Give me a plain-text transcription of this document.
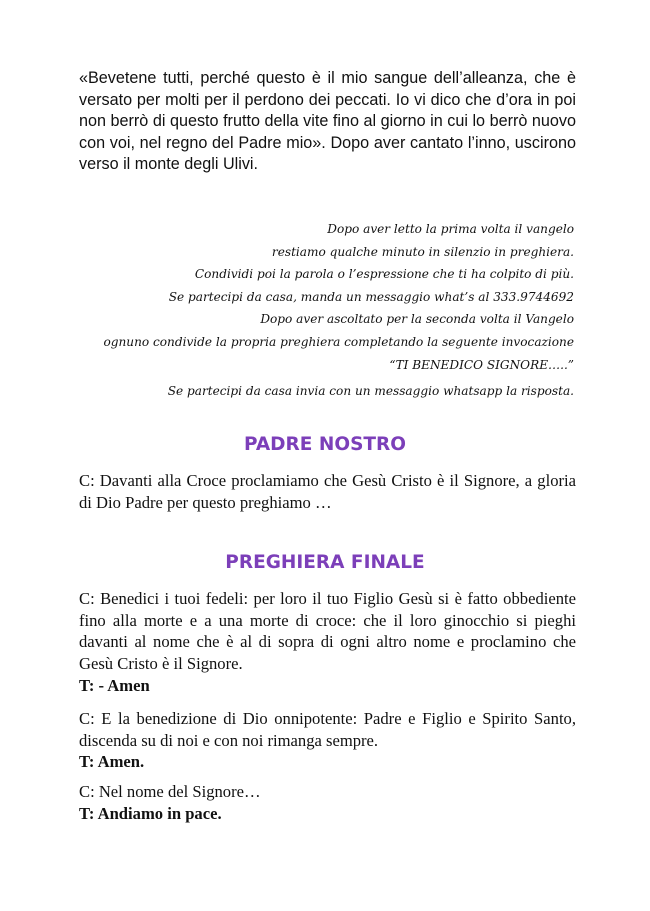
«Bevetene tutti, perché questo è il mio sangue dell’alleanza, che è versato per molti per il perdono dei peccati. Io vi dico che d’ora in poi non berrò di questo frutto della vite fino al giorno in cui lo berrò nuovo con voi, nel regno del Padre mio». Dopo aver cantato l’inno, uscirono verso il monte degli Ulivi.

Dopo aver letto la prima volta il vangelo
restiamo qualche minuto in silenzio in preghiera.
Condividi poi la parola o l’espressione che ti ha colpito di più.
Se partecipi da casa, manda un messaggio what’s al 333.9744692
Dopo aver ascoltato per la seconda volta il Vangelo
ognuno condivide la propria preghiera completando la seguente invocazione
“TI BENEDICO SIGNORE…..”
Se partecipi da casa invia con un messaggio whatsapp la risposta.
PADRE NOSTRO

C: Davanti alla Croce proclamiamo che Gesù Cristo è il Signore, a gloria di Dio Padre per questo preghiamo …

PREGHIERA FINALE

C: Benedici i tuoi fedeli: per loro il tuo Figlio Gesù si è fatto obbediente fino alla morte e a una morte di croce: che il loro ginocchio si pieghi davanti al nome che è al di sopra di ogni altro nome e proclamino che Gesù Cristo è il Signore.

T: - Amen

C: E la benedizione di Dio onnipotente: Padre e Figlio e Spirito Santo, discenda su di noi e con noi rimanga sempre.

T: Amen.

C: Nel nome del Signore…

T: Andiamo in pace.
